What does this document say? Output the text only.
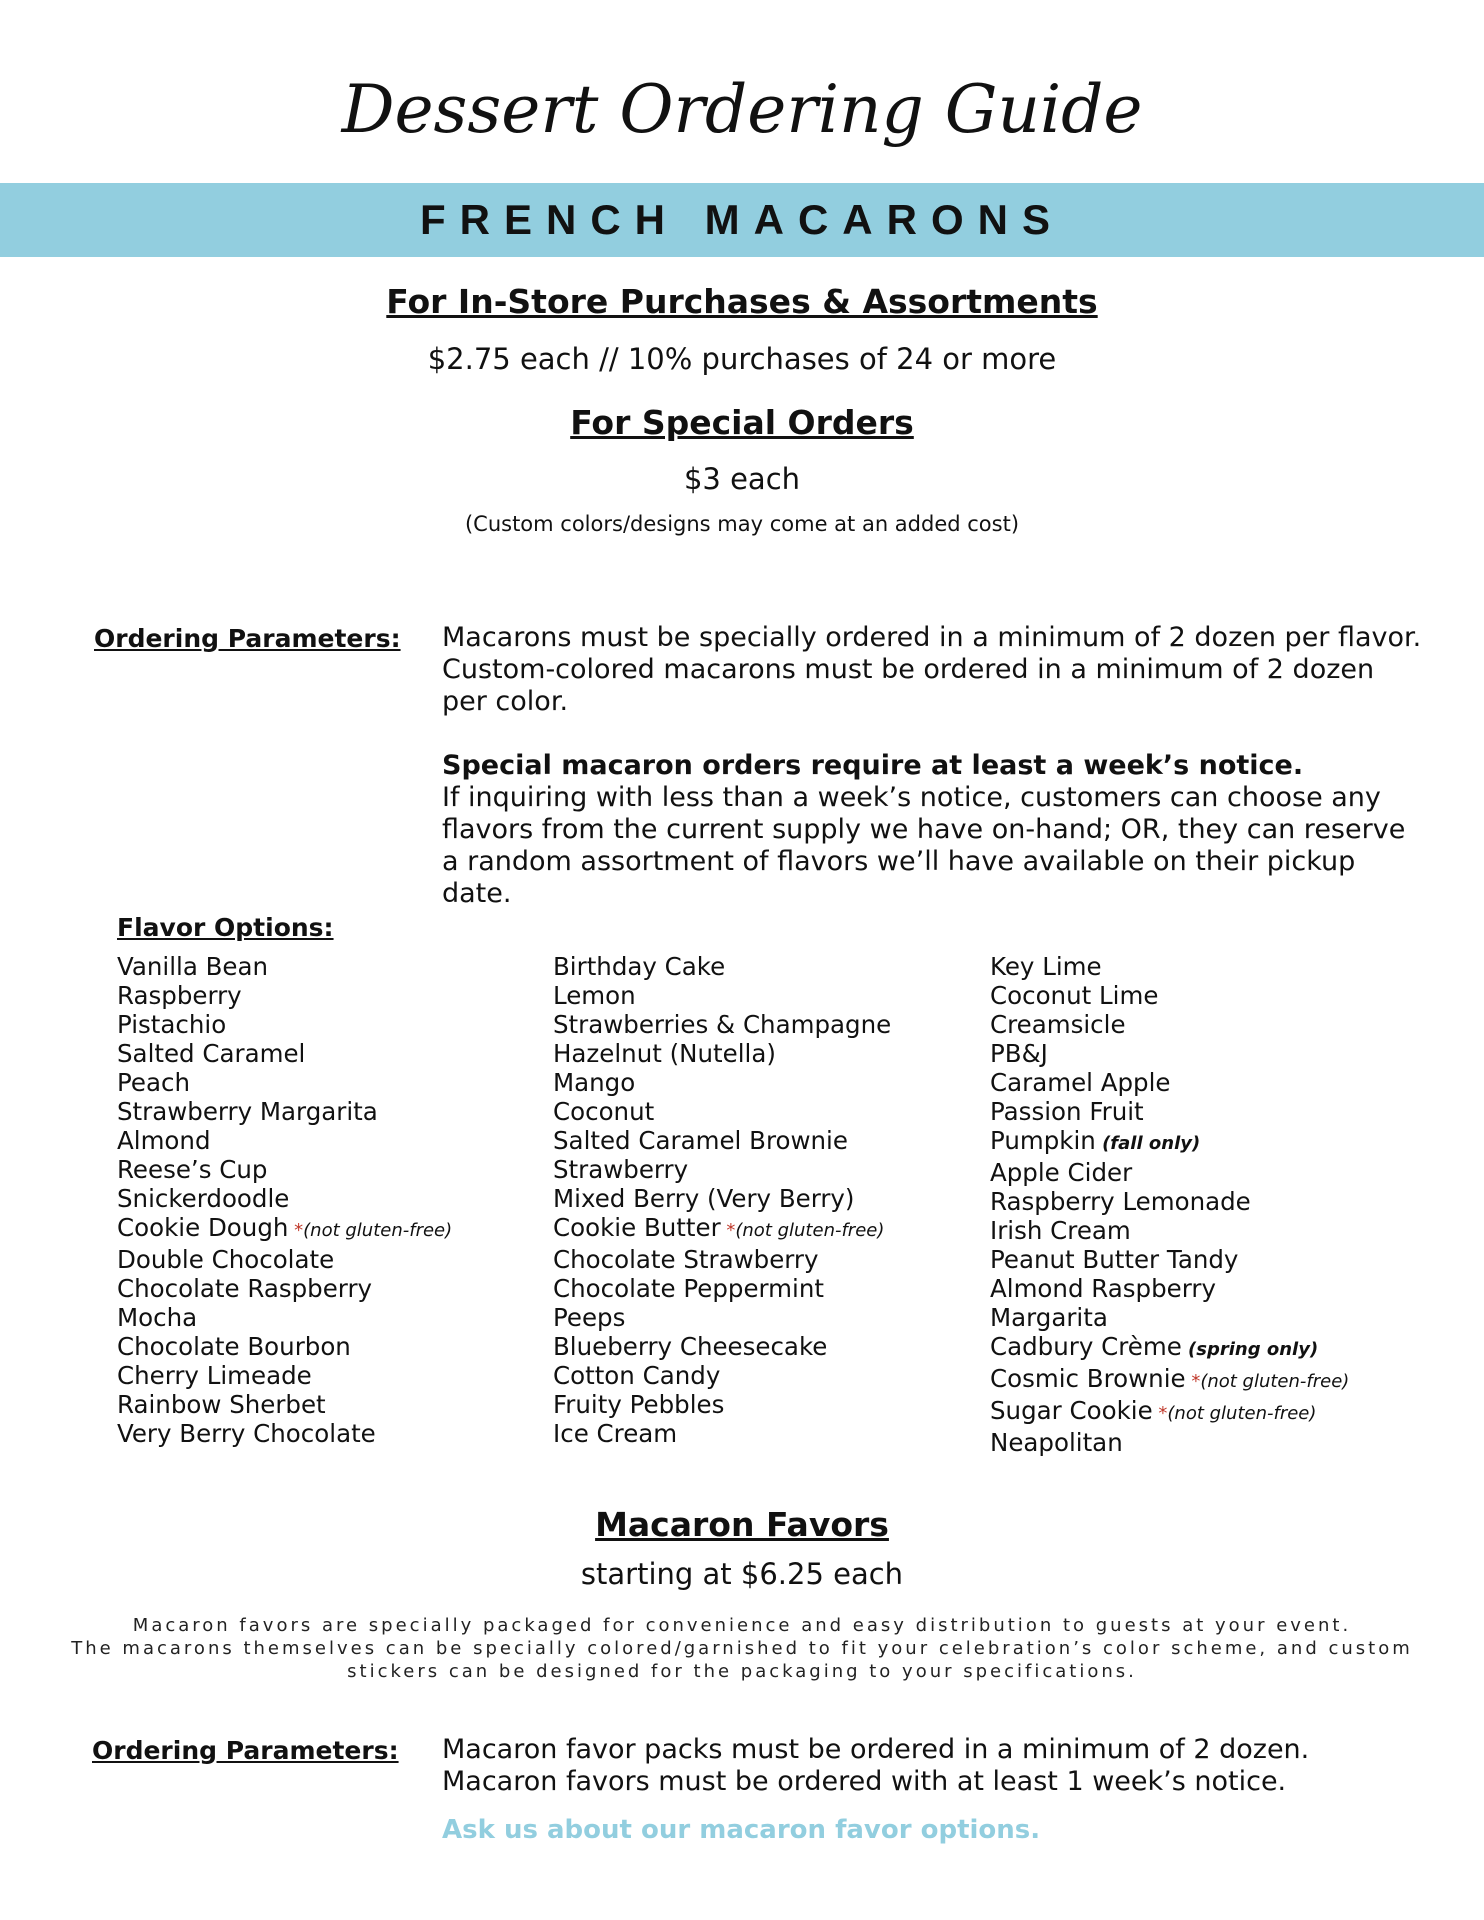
Dessert Ordering Guide
FRENCH MACARONS
For In-Store Purchases & Assortments
$2.75 each // 10% purchases of 24 or more
For Special Orders
$3 each
(Custom colors/designs may come at an added cost)
Ordering Parameters: Macarons must be specially ordered in a minimum of 2 dozen per flavor. Custom-colored macarons must be ordered in a minimum of 2 dozen per color.
Special macaron orders require at least a week’s notice.
If inquiring with less than a week’s notice, customers can choose any flavors from the current supply we have on-hand; OR, they can reserve a random assortment of flavors we’ll have available on their pickup date.
Flavor Options:
Vanilla Bean
Raspberry
Pistachio
Salted Caramel
Peach
Strawberry Margarita
Almond
Reese’s Cup
Snickerdoodle
Cookie Dough *(not gluten-free)
Double Chocolate
Chocolate Raspberry
Mocha
Chocolate Bourbon
Cherry Limeade
Rainbow Sherbet
Very Berry Chocolate
Birthday Cake
Lemon
Strawberries & Champagne
Hazelnut (Nutella)
Mango
Coconut
Salted Caramel Brownie
Strawberry
Mixed Berry (Very Berry)
Cookie Butter *(not gluten-free)
Chocolate Strawberry
Chocolate Peppermint
Peeps
Blueberry Cheesecake
Cotton Candy
Fruity Pebbles
Ice Cream
Key Lime
Coconut Lime
Creamsicle
PB&J
Caramel Apple
Passion Fruit
Pumpkin (fall only)
Apple Cider
Raspberry Lemonade
Irish Cream
Peanut Butter Tandy
Almond Raspberry
Margarita
Cadbury Crème (spring only)
Cosmic Brownie *(not gluten-free)
Sugar Cookie *(not gluten-free)
Neapolitan
Macaron Favors
starting at $6.25 each
Macaron favors are specially packaged for convenience and easy distribution to guests at your event.
The macarons themselves can be specially colored/garnished to fit your celebration’s color scheme, and custom
stickers can be designed for the packaging to your specifications.
Ordering Parameters: Macaron favor packs must be ordered in a minimum of 2 dozen.
Macaron favors must be ordered with at least 1 week’s notice.
Ask us about our macaron favor options.
